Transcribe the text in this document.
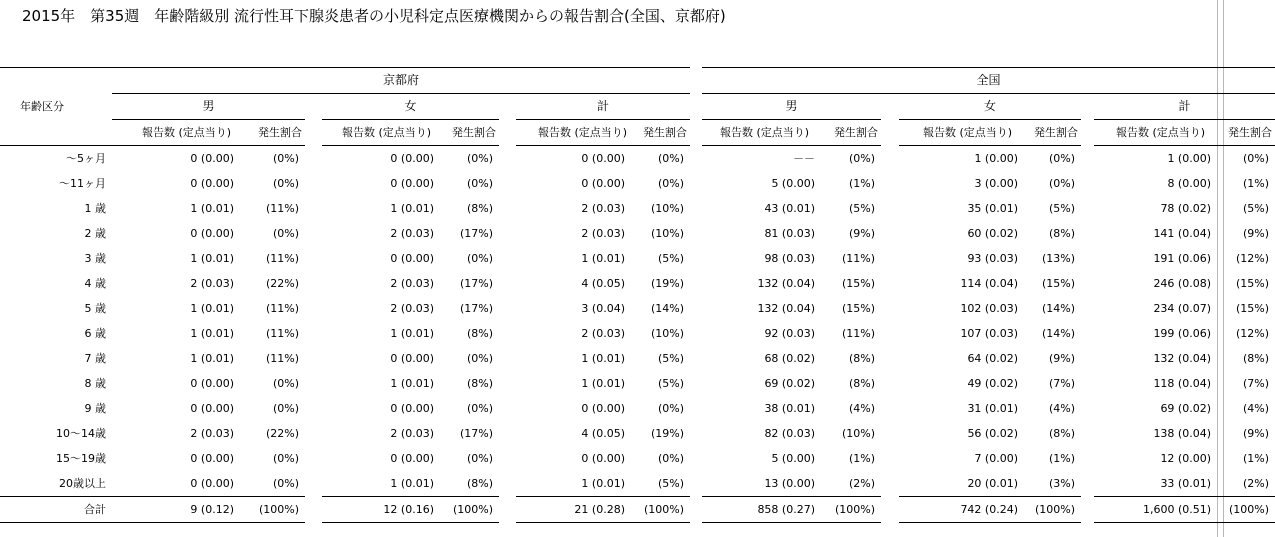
2015年　第35週　年齢階級別 流行性耳下腺炎患者の小児科定点医療機関からの報告割合(全国、京都府)
年齢区分	京都府									全国							
	男			女			計			男			女			計	
	報告数 (定点当り)	発生割合		報告数 (定点当り)	発生割合		報告数 (定点当り)	発生割合		報告数 (定点当り)	発生割合		報告数 (定点当り)	発生割合		報告数 (定点当り)	発生割合
～5ヶ月	0 (0.00)	(0%)		0 (0.00)	(0%)		0 (0.00)	(0%)		－－	(0%)		1 (0.00)	(0%)		1 (0.00)	(0%)
～11ヶ月	0 (0.00)	(0%)		0 (0.00)	(0%)		0 (0.00)	(0%)		5 (0.00)	(1%)		3 (0.00)	(0%)		8 (0.00)	(1%)
1 歳	1 (0.01)	(11%)		1 (0.01)	(8%)		2 (0.03)	(10%)		43 (0.01)	(5%)		35 (0.01)	(5%)		78 (0.02)	(5%)
2 歳	0 (0.00)	(0%)		2 (0.03)	(17%)		2 (0.03)	(10%)		81 (0.03)	(9%)		60 (0.02)	(8%)		141 (0.04)	(9%)
3 歳	1 (0.01)	(11%)		0 (0.00)	(0%)		1 (0.01)	(5%)		98 (0.03)	(11%)		93 (0.03)	(13%)		191 (0.06)	(12%)
4 歳	2 (0.03)	(22%)		2 (0.03)	(17%)		4 (0.05)	(19%)		132 (0.04)	(15%)		114 (0.04)	(15%)		246 (0.08)	(15%)
5 歳	1 (0.01)	(11%)		2 (0.03)	(17%)		3 (0.04)	(14%)		132 (0.04)	(15%)		102 (0.03)	(14%)		234 (0.07)	(15%)
6 歳	1 (0.01)	(11%)		1 (0.01)	(8%)		2 (0.03)	(10%)		92 (0.03)	(11%)		107 (0.03)	(14%)		199 (0.06)	(12%)
7 歳	1 (0.01)	(11%)		0 (0.00)	(0%)		1 (0.01)	(5%)		68 (0.02)	(8%)		64 (0.02)	(9%)		132 (0.04)	(8%)
8 歳	0 (0.00)	(0%)		1 (0.01)	(8%)		1 (0.01)	(5%)		69 (0.02)	(8%)		49 (0.02)	(7%)		118 (0.04)	(7%)
9 歳	0 (0.00)	(0%)		0 (0.00)	(0%)		0 (0.00)	(0%)		38 (0.01)	(4%)		31 (0.01)	(4%)		69 (0.02)	(4%)
10～14歳	2 (0.03)	(22%)		2 (0.03)	(17%)		4 (0.05)	(19%)		82 (0.03)	(10%)		56 (0.02)	(8%)		138 (0.04)	(9%)
15～19歳	0 (0.00)	(0%)		0 (0.00)	(0%)		0 (0.00)	(0%)		5 (0.00)	(1%)		7 (0.00)	(1%)		12 (0.00)	(1%)
20歳以上	0 (0.00)	(0%)		1 (0.01)	(8%)		1 (0.01)	(5%)		13 (0.00)	(2%)		20 (0.01)	(3%)		33 (0.01)	(2%)
合計	9 (0.12)	(100%)		12 (0.16)	(100%)		21 (0.28)	(100%)		858 (0.27)	(100%)		742 (0.24)	(100%)		1,600 (0.51)	(100%)
